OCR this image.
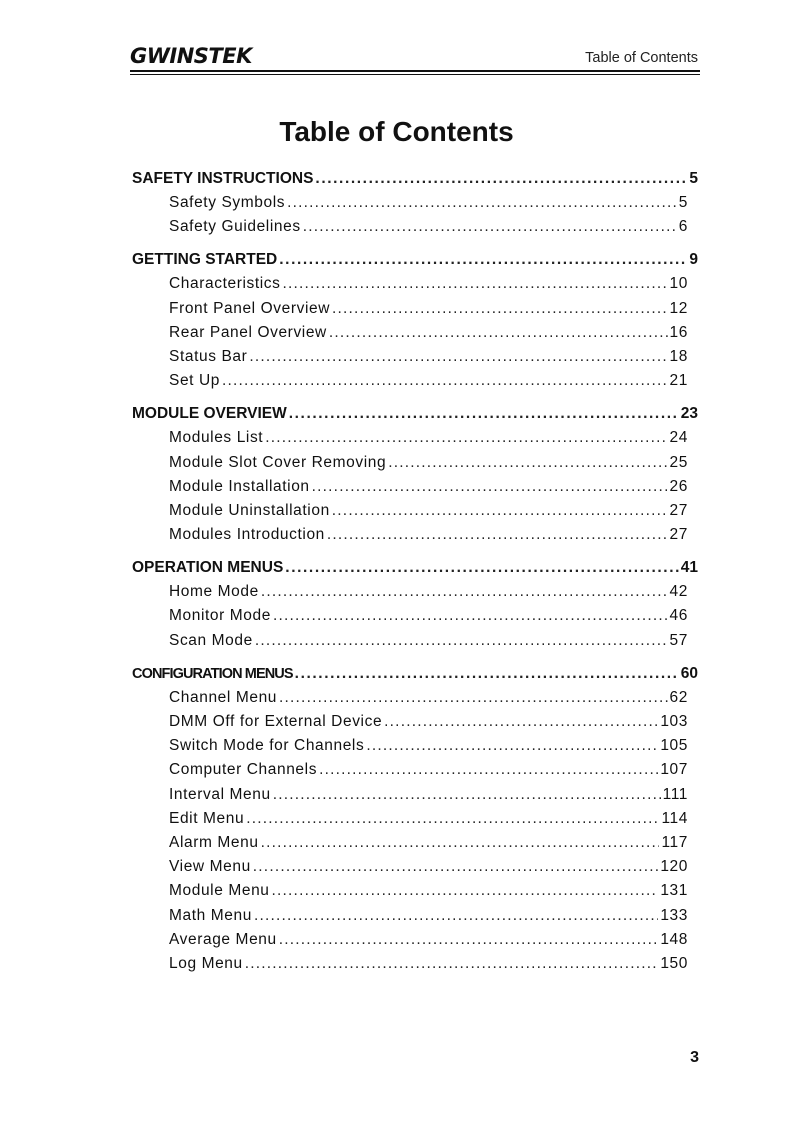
GWINSTEK	Table of Contents
Table of Contents
SAFETY INSTRUCTIONS .....	5
Safety Symbols .....	5
Safety Guidelines .....	6
GETTING STARTED .....	9
Characteristics .....	10
Front Panel Overview .....	12
Rear Panel Overview .....	16
Status Bar .....	18
Set Up .....	21
MODULE OVERVIEW .....	23
Modules List .....	24
Module Slot Cover Removing .....	25
Module Installation .....	26
Module Uninstallation .....	27
Modules Introduction .....	27
OPERATION MENUS .....	41
Home Mode .....	42
Monitor Mode .....	46
Scan Mode .....	57
CONFIGURATION MENUS .....	60
Channel Menu .....	62
DMM Off for External Device .....	103
Switch Mode for Channels .....	105
Computer Channels .....	107
Interval Menu .....	111
Edit Menu .....	114
Alarm Menu .....	117
View Menu .....	120
Module Menu .....	131
Math Menu .....	133
Average Menu .....	148
Log Menu .....	150
3
